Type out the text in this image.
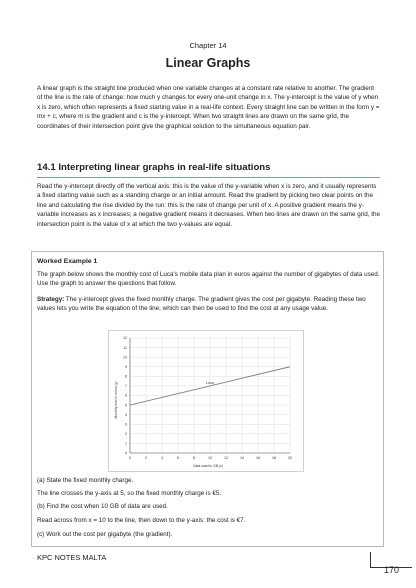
Chapter 14
Linear Graphs

A linear graph is the straight line produced when one variable changes at a constant rate relative to another. The gradient of the line is the rate of change: how much y changes for every one-unit change in x. The y-intercept is the value of y when x is zero, which often represents a fixed starting value in a real-life context. Every straight line can be written in the form y = mx + c, where m is the gradient and c is the y-intercept. When two straight lines are drawn on the same grid, the coordinates of their intersection point give the graphical solution to the simultaneous equation pair.

14.1 Interpreting linear graphs in real-life situations

Read the y-intercept directly off the vertical axis: this is the value of the y-variable when x is zero, and it usually represents a fixed starting value such as a standing charge or an initial amount. Read the gradient by picking two clear points on the line and calculating the rise divided by the run: this is the rate of change per unit of x. A positive gradient means the y-variable increases as x increases; a negative gradient means it decreases. When two lines are drawn on the same grid, the intersection point is the value of x at which the two y-values are equal.

Worked Example 1

The graph below shows the monthly cost of Luca's mobile data plan in euros against the number of gigabytes of data used. Use the graph to answer the questions that follow.

Strategy: The y-intercept gives the fixed monthly charge. The gradient gives the cost per gigabyte. Reading these two values lets you write the equation of the line, which can then be used to find the cost at any usage value.

0	2	4	6	8	10	12	14	16	18	20
0
1
2
3
4
5
6
7
8
9
10
11
12
Luca
Data used in GB (x)
Monthly cost in euros (y)

(a) State the fixed monthly charge.

The line crosses the y-axis at 5, so the fixed monthly charge is €5.

(b) Find the cost when 10 GB of data are used.

Read across from x = 10 to the line, then down to the y-axis: the cost is €7.

(c) Work out the cost per gigabyte (the gradient).

KPC NOTES MALTA
170
